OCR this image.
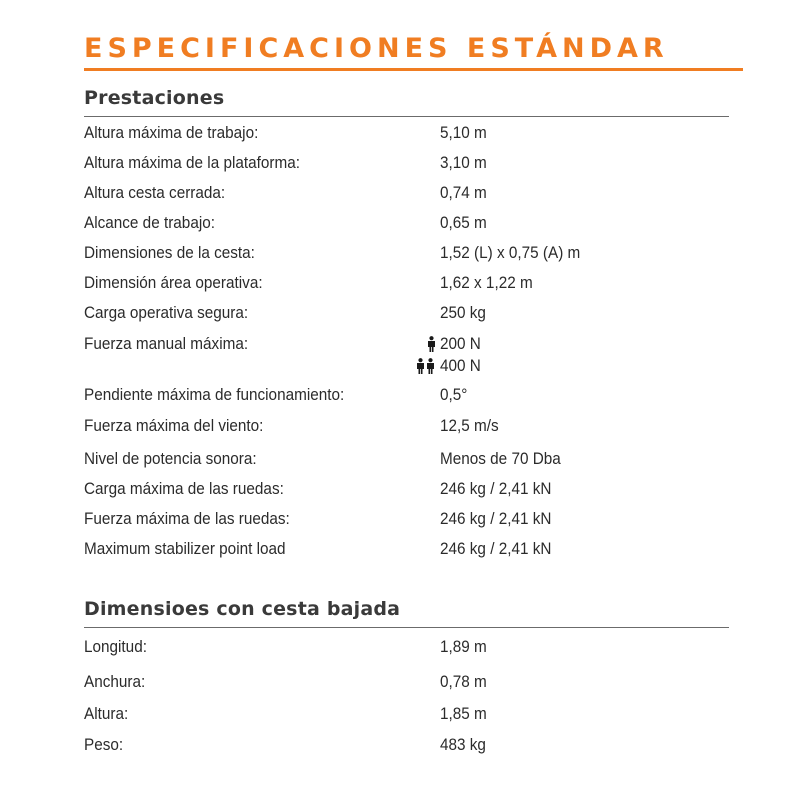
ESPECIFICACIONES ESTÁNDAR
Prestaciones
Altura máxima de trabajo:	5,10 m
Altura máxima de la plataforma:	3,10 m
Altura cesta cerrada:	0,74 m
Alcance de trabajo:	0,65 m
Dimensiones de la cesta:	1,52 (L) x 0,75 (A) m
Dimensión área operativa:	1,62 x 1,22 m
Carga operativa segura:	250 kg
Fuerza manual máxima:	200 N
400 N
Pendiente máxima de funcionamiento:	0,5°
Fuerza máxima del viento:	12,5 m/s
Nivel de potencia sonora:	Menos de 70 Dba
Carga máxima de las ruedas:	246 kg / 2,41 kN
Fuerza máxima de las ruedas:	246 kg / 2,41 kN
Maximum stabilizer point load	246 kg / 2,41 kN
Dimensioes con cesta bajada
Longitud:	1,89 m
Anchura:	0,78 m
Altura:	1,85 m
Peso:	483 kg
